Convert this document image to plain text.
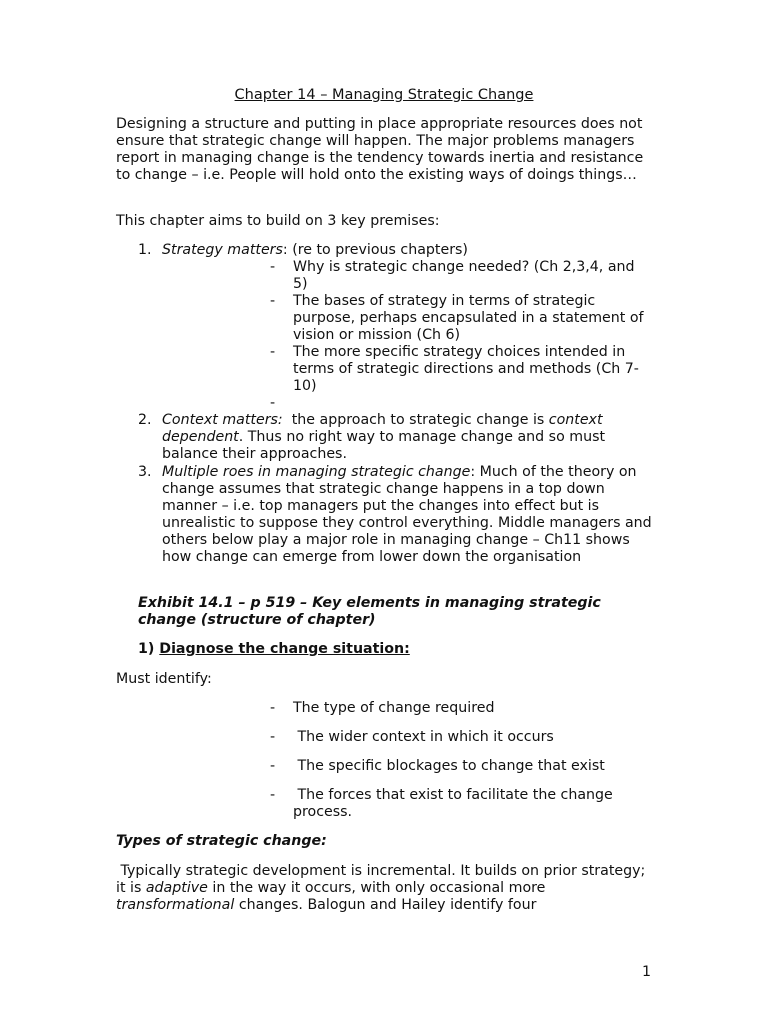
Chapter 14 – Managing Strategic Change

Designing a structure and putting in place appropriate resources does not ensure that strategic change will happen. The major problems managers report in managing change is the tendency towards inertia and resistance to change – i.e. People will hold onto the existing ways of doings things…

This chapter aims to build on 3 key premises:

1. Strategy matters: (re to previous chapters)
- Why is strategic change needed? (Ch 2,3,4, and 5)
- The bases of strategy in terms of strategic purpose, perhaps encapsulated in a statement of vision or mission (Ch 6)
- The more specific strategy choices intended in terms of strategic directions and methods (Ch 7-10)
-
2. Context matters:  the approach to strategic change is context dependent. Thus no right way to manage change and so must balance their approaches.
3. Multiple roes in managing strategic change: Much of the theory on change assumes that strategic change happens in a top down manner – i.e. top managers put the changes into effect but is unrealistic to suppose they control everything. Middle managers and others below play a major role in managing change – Ch11 shows how change can emerge from lower down the organisation

Exhibit 14.1 – p 519 – Key elements in managing strategic change (structure of chapter)

1) Diagnose the change situation:

Must identify:

- The type of change required
- The wider context in which it occurs
- The specific blockages to change that exist
- The forces that exist to facilitate the change process.

Types of strategic change:

Typically strategic development is incremental. It builds on prior strategy; it is adaptive in the way it occurs, with only occasional more transformational changes. Balogun and Hailey identify four

1
